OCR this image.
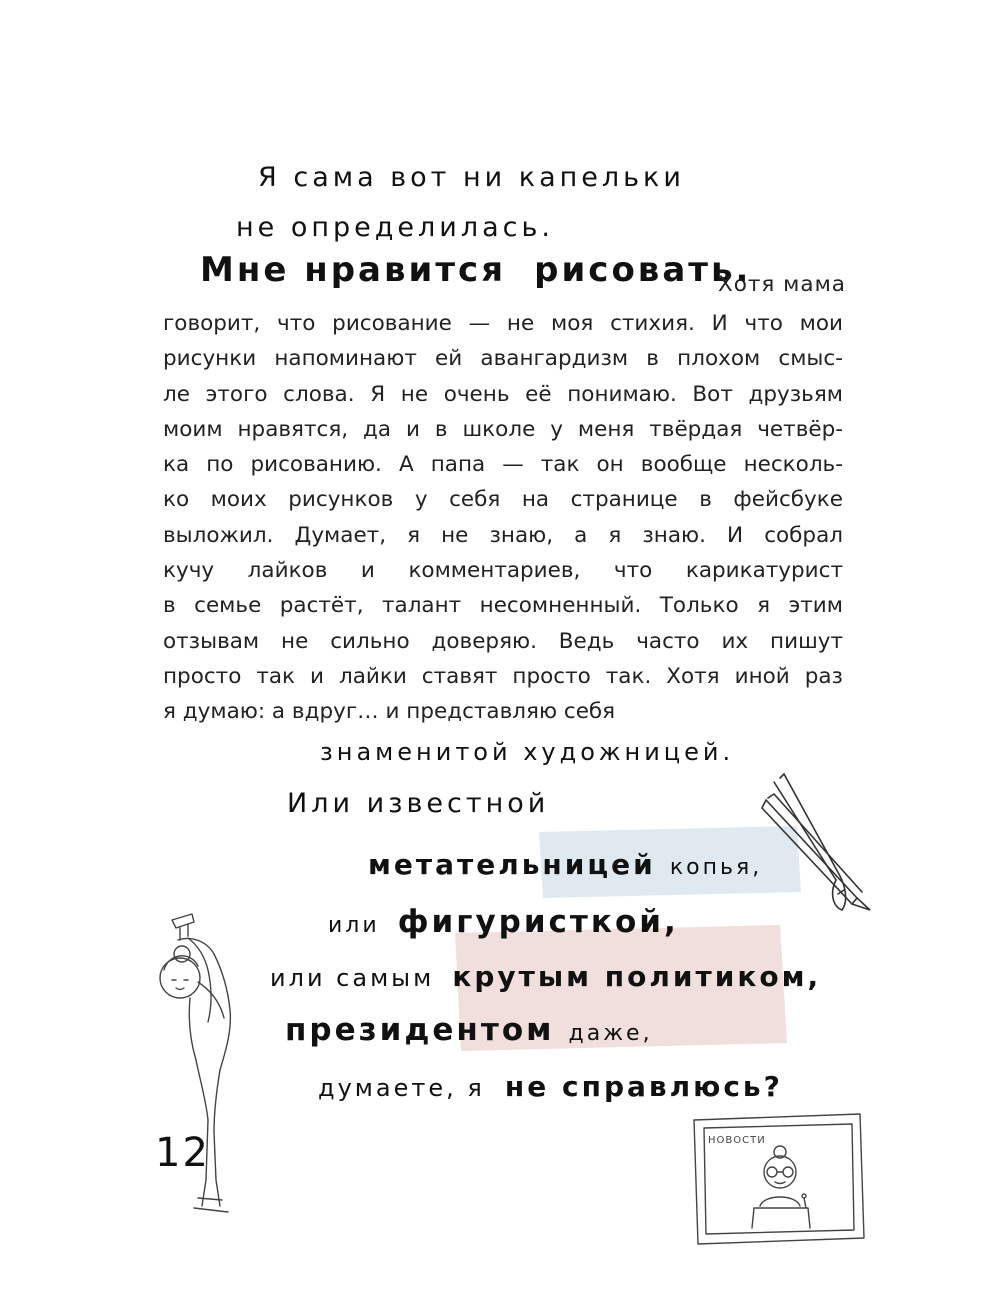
Я сама вот ни капельки
не определилась.
Мне нравится рисовать.
Хотя мама
говорит, что рисование — не моя стихия. И что мои
рисунки напоминают ей авангардизм в плохом смыс-
ле этого слова. Я не очень её понимаю. Вот друзьям
моим нравятся, да и в школе у меня твёрдая четвёр-
ка по рисованию. А папа — так он вообще несколь-
ко моих рисунков у себя на странице в фейсбуке
выложил. Думает, я не знаю, а я знаю. И собрал
кучу лайков и комментариев, что карикатурист
в семье растёт, талант несомненный. Только я этим
отзывам не сильно доверяю. Ведь часто их пишут
просто так и лайки ставят просто так. Хотя иной раз
я думаю: а вдруг… и представляю себя
знаменитой художницей.
Или известной
метательницей копья,
или фигуристкой,
или самым крутым политиком,
президентом даже,
думаете, я не справлюсь?
НОВОСТИ
12
